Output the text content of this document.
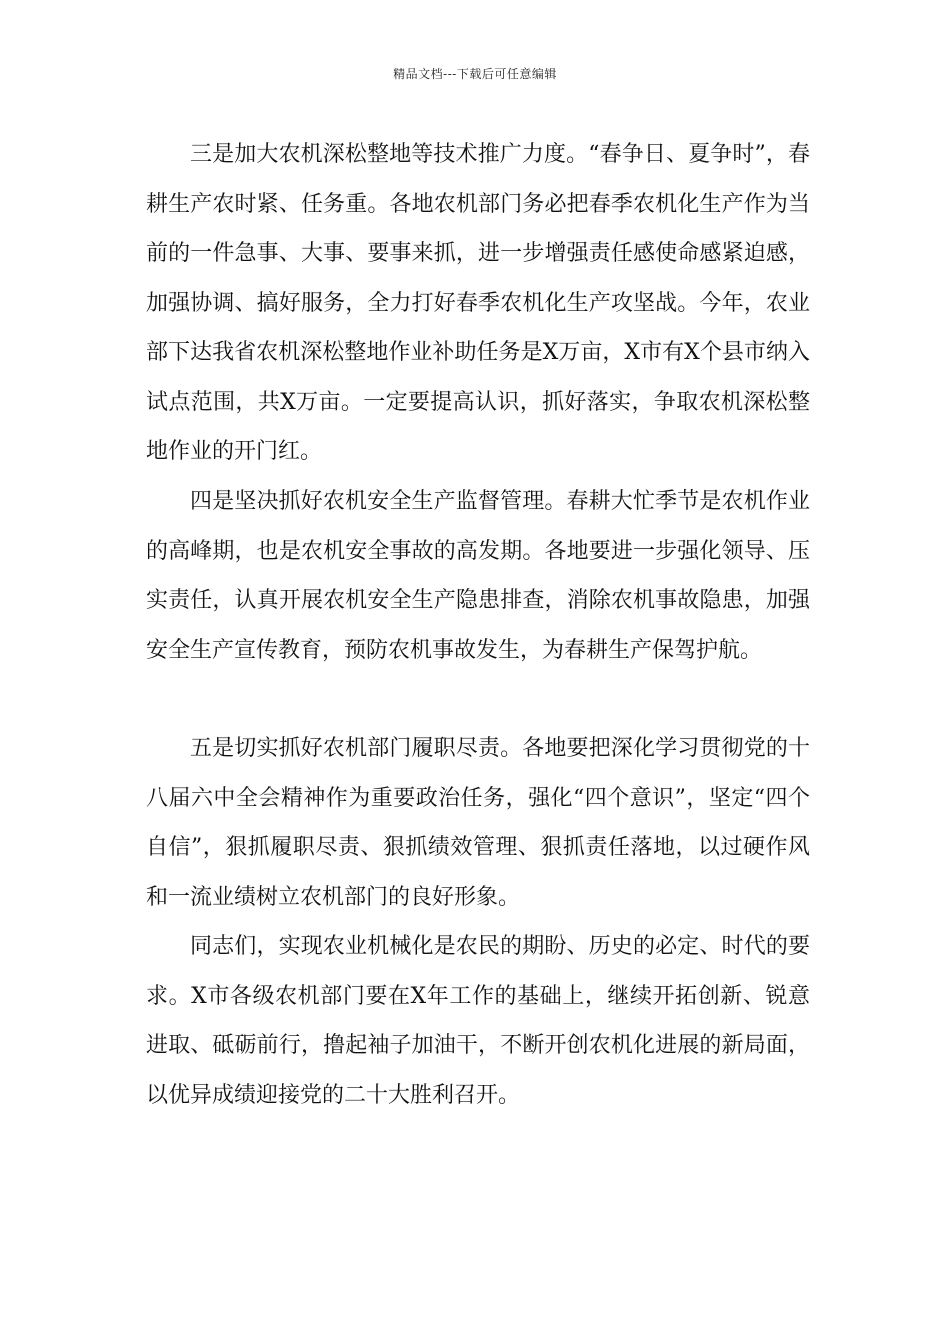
精品文档---下载后可任意编辑

三是加大农机深松整地等技术推广力度。“春争日、夏争时”，春耕生产农时紧、任务重。各地农机部门务必把春季农机化生产作为当前的一件急事、大事、要事来抓，进一步增强责任感使命感紧迫感，加强协调、搞好服务，全力打好春季农机化生产攻坚战。今年，农业部下达我省农机深松整地作业补助任务是X万亩，X市有X个县市纳入试点范围，共X万亩。一定要提高认识，抓好落实，争取农机深松整地作业的开门红。

四是坚决抓好农机安全生产监督管理。春耕大忙季节是农机作业的高峰期，也是农机安全事故的高发期。各地要进一步强化领导、压实责任，认真开展农机安全生产隐患排查，消除农机事故隐患，加强安全生产宣传教育，预防农机事故发生，为春耕生产保驾护航。

五是切实抓好农机部门履职尽责。各地要把深化学习贯彻党的十八届六中全会精神作为重要政治任务，强化“四个意识”，坚定“四个自信”，狠抓履职尽责、狠抓绩效管理、狠抓责任落地，以过硬作风和一流业绩树立农机部门的良好形象。

同志们，实现农业机械化是农民的期盼、历史的必定、时代的要求。X市各级农机部门要在X年工作的基础上，继续开拓创新、锐意进取、砥砺前行，撸起袖子加油干，不断开创农机化进展的新局面，以优异成绩迎接党的二十大胜利召开。
